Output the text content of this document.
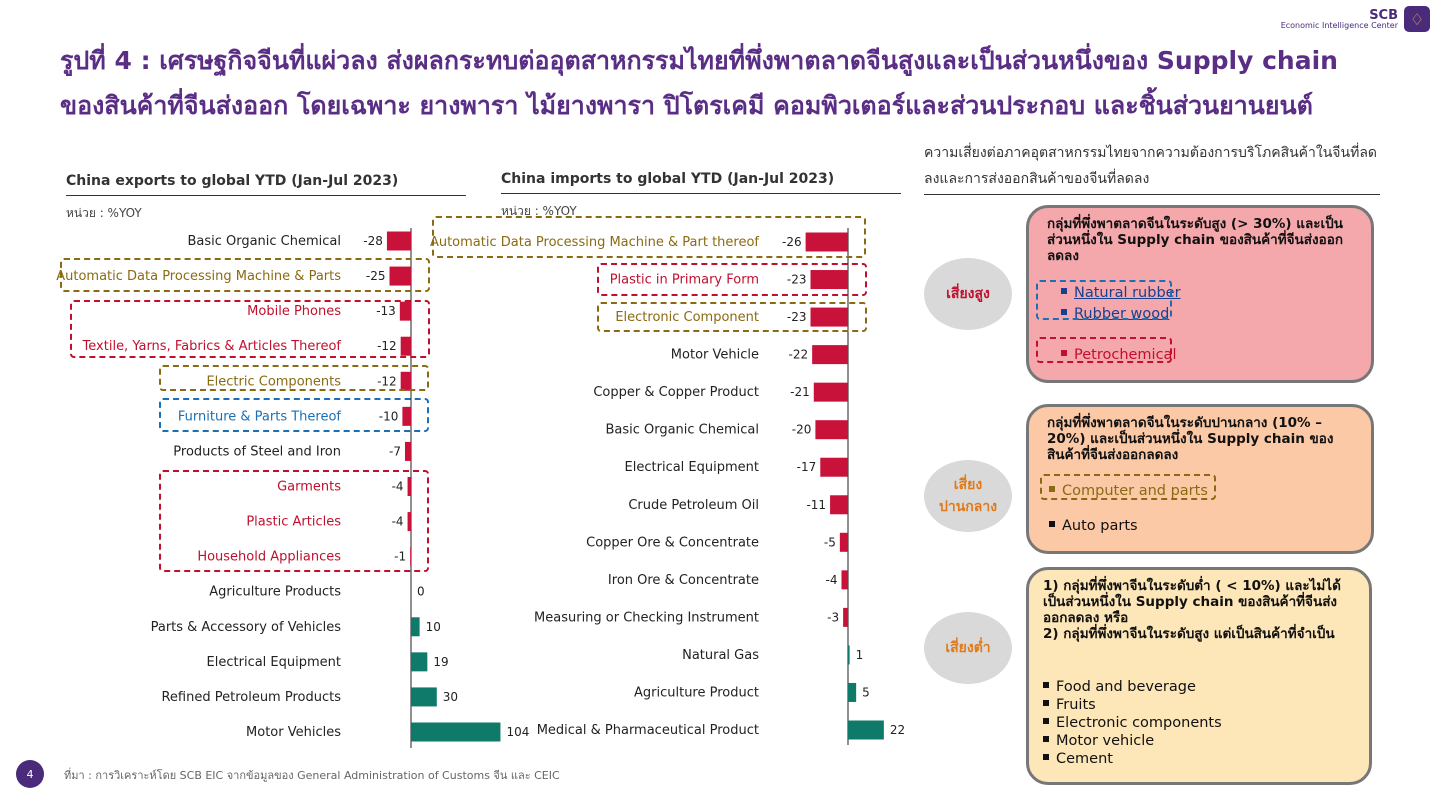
SCB
Economic Intelligence Center ♢
รูปที่ 4 : เศรษฐกิจจีนที่แผ่วลง ส่งผลกระทบต่ออุตสาหกรรมไทยที่พึ่งพาตลาดจีนสูงและเป็นส่วนหนึ่งของ Supply chain ของสินค้าที่จีนส่งออก โดยเฉพาะ ยางพารา ไม้ยางพารา ปิโตรเคมี คอมพิวเตอร์และส่วนประกอบ และชิ้นส่วนยานยนต์
China exports to global YTD (Jan-Jul 2023)
หน่วย : %YOY
-28
Basic Organic Chemical
-25
Automatic Data Processing Machine & Parts
-13
Mobile Phones
-12
Textile, Yarns, Fabrics & Articles Thereof
-12
Electric Components
-10
Furniture & Parts Thereof
-7
Products of Steel and Iron
-4
Garments
-4
Plastic Articles
-1
Household Appliances
0
Agriculture Products
10
Parts & Accessory of Vehicles
19
Electrical Equipment
30
Refined Petroleum Products
104
Motor Vehicles
China imports to global YTD (Jan-Jul 2023)
หน่วย : %YOY
-26
Automatic Data Processing Machine & Part thereof
-23
Plastic in Primary Form
-23
Electronic Component
-22
Motor Vehicle
-21
Copper & Copper Product
-20
Basic Organic Chemical
-17
Electrical Equipment
-11
Crude Petroleum Oil
-5
Copper Ore & Concentrate
-4
Iron Ore & Concentrate
-3
Measuring or Checking Instrument
1
Natural Gas
5
Agriculture Product
22
Medical & Pharmaceutical Product
ความเสี่ยงต่อภาคอุตสาหกรรมไทยจากความต้องการบริโภคสินค้าในจีนที่ลดลงและการส่งออกสินค้าของจีนที่ลดลง
เสี่ยงสูง
กลุ่มที่พึ่งพาตลาดจีนในระดับสูง (> 30%) และเป็นส่วนหนึ่งใน Supply chain ของสินค้าที่จีนส่งออกลดลง
Natural rubber
Rubber wood
Petrochemical
เสี่ยง
ปานกลาง
กลุ่มที่พึ่งพาตลาดจีนในระดับปานกลาง (10% – 20%) และเป็นส่วนหนึ่งใน Supply chain ของสินค้าที่จีนส่งออกลดลง
Computer and parts
Auto parts
เสี่ยงต่ำ
1) กลุ่มที่พึ่งพาจีนในระดับต่ำ ( < 10%) และไม่ได้เป็นส่วนหนึ่งใน Supply chain ของสินค้าที่จีนส่งออกลดลง หรือ
2) กลุ่มที่พึ่งพาจีนในระดับสูง แต่เป็นสินค้าที่จำเป็น
Food and beverage
Fruits
Electronic components
Motor vehicle
Cement
4	ที่มา : การวิเคราะห์โดย SCB EIC จากข้อมูลของ General Administration of Customs จีน และ CEIC
